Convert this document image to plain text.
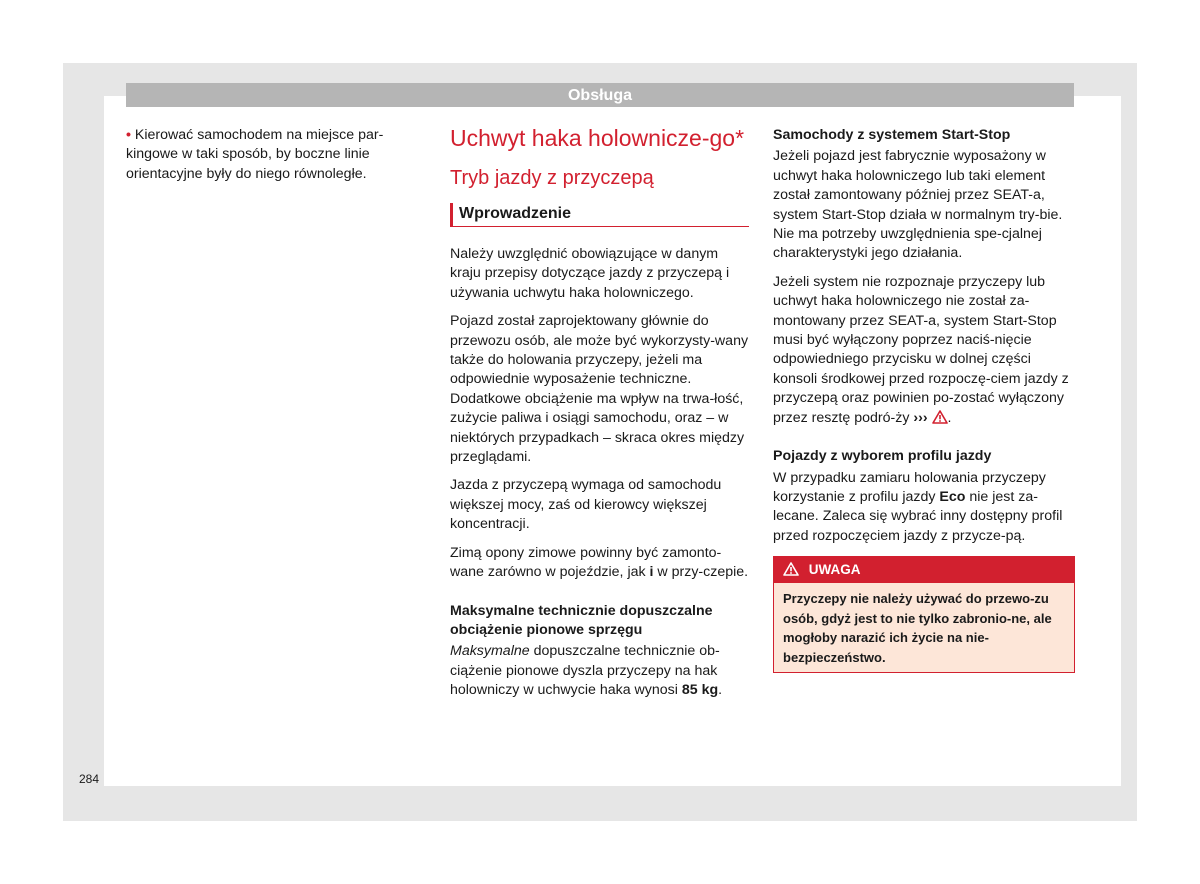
Obsługa

• Kierować samochodem na miejsce par-kingowe w taki sposób, by boczne linie orientacyjne były do niego równoległe.

Uchwyt haka holownicze-go*
Tryb jazdy z przyczepą
Wprowadzenie

Należy uwzględnić obowiązujące w danym kraju przepisy dotyczące jazdy z przyczepą i używania uchwytu haka holowniczego.

Pojazd został zaprojektowany głównie do przewozu osób, ale może być wykorzysty-wany także do holowania przyczepy, jeżeli ma odpowiednie wyposażenie techniczne. Dodatkowe obciążenie ma wpływ na trwa-łość, zużycie paliwa i osiągi samochodu, oraz – w niektórych przypadkach – skraca okres między przeglądami.

Jazda z przyczepą wymaga od samochodu większej mocy, zaś od kierowcy większej koncentracji.

Zimą opony zimowe powinny być zamonto-wane zarówno w pojeździe, jak i w przy-czepie.

Maksymalne technicznie dopuszczalne obciążenie pionowe sprzęgu

Maksymalne dopuszczalne technicznie ob-ciążenie pionowe dyszla przyczepy na hak holowniczy w uchwycie haka wynosi 85 kg.

Samochody z systemem Start-Stop

Jeżeli pojazd jest fabrycznie wyposażony w uchwyt haka holowniczego lub taki element został zamontowany później przez SEAT-a, system Start-Stop działa w normalnym try-bie. Nie ma potrzeby uwzględnienia spe-cjalnej charakterystyki jego działania.

Jeżeli system nie rozpoznaje przyczepy lub uchwyt haka holowniczego nie został za-montowany przez SEAT-a, system Start-Stop musi być wyłączony poprzez naciś-nięcie odpowiedniego przycisku w dolnej części konsoli środkowej przed rozpoczę-ciem jazdy z przyczepą oraz powinien po-zostać wyłączony przez resztę podró-ży ››› .

Pojazdy z wyborem profilu jazdy

W przypadku zamiaru holowania przyczepy korzystanie z profilu jazdy Eco nie jest za-lecane. Zaleca się wybrać inny dostępny profil przed rozpoczęciem jazdy z przycze-pą.

UWAGA
Przyczepy nie należy używać do przewo-zu osób, gdyż jest to nie tylko zabronio-ne, ale mogłoby narazić ich życie na nie-bezpieczeństwo.
284
